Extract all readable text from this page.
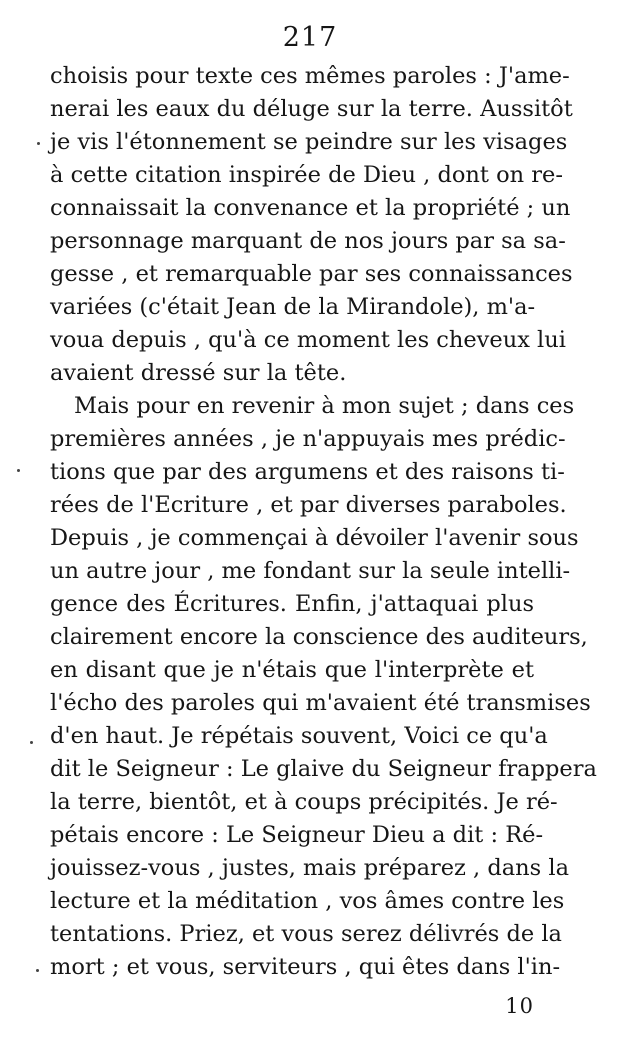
217
choisis pour texte ces mêmes paroles : J'ame-
nerai les eaux du déluge sur la terre. Aussitôt
je vis l'étonnement se peindre sur les visages
à cette citation inspirée de Dieu , dont on re-
connaissait la convenance et la propriété ; un
personnage marquant de nos jours par sa sa-
gesse , et remarquable par ses connaissances
variées (c'était Jean de la Mirandole), m'a-
voua depuis , qu'à ce moment les cheveux lui
avaient dressé sur la tête.
Mais pour en revenir à mon sujet ; dans ces
premières années , je n'appuyais mes prédic-
tions que par des argumens et des raisons ti-
rées de l'Ecriture , et par diverses paraboles.
Depuis , je commençai à dévoiler l'avenir sous
un autre jour , me fondant sur la seule intelli-
gence des Écritures. Enfin, j'attaquai plus
clairement encore la conscience des auditeurs,
en disant que je n'étais que l'interprète et
l'écho des paroles qui m'avaient été transmises
d'en haut. Je répétais souvent, Voici ce qu'a
dit le Seigneur : Le glaive du Seigneur frappera
la terre, bientôt, et à coups précipités. Je ré-
pétais encore : Le Seigneur Dieu a dit : Ré-
jouissez-vous , justes, mais préparez , dans la
lecture et la méditation , vos âmes contre les
tentations. Priez, et vous serez délivrés de la
mort ; et vous, serviteurs , qui êtes dans l'in-
10
